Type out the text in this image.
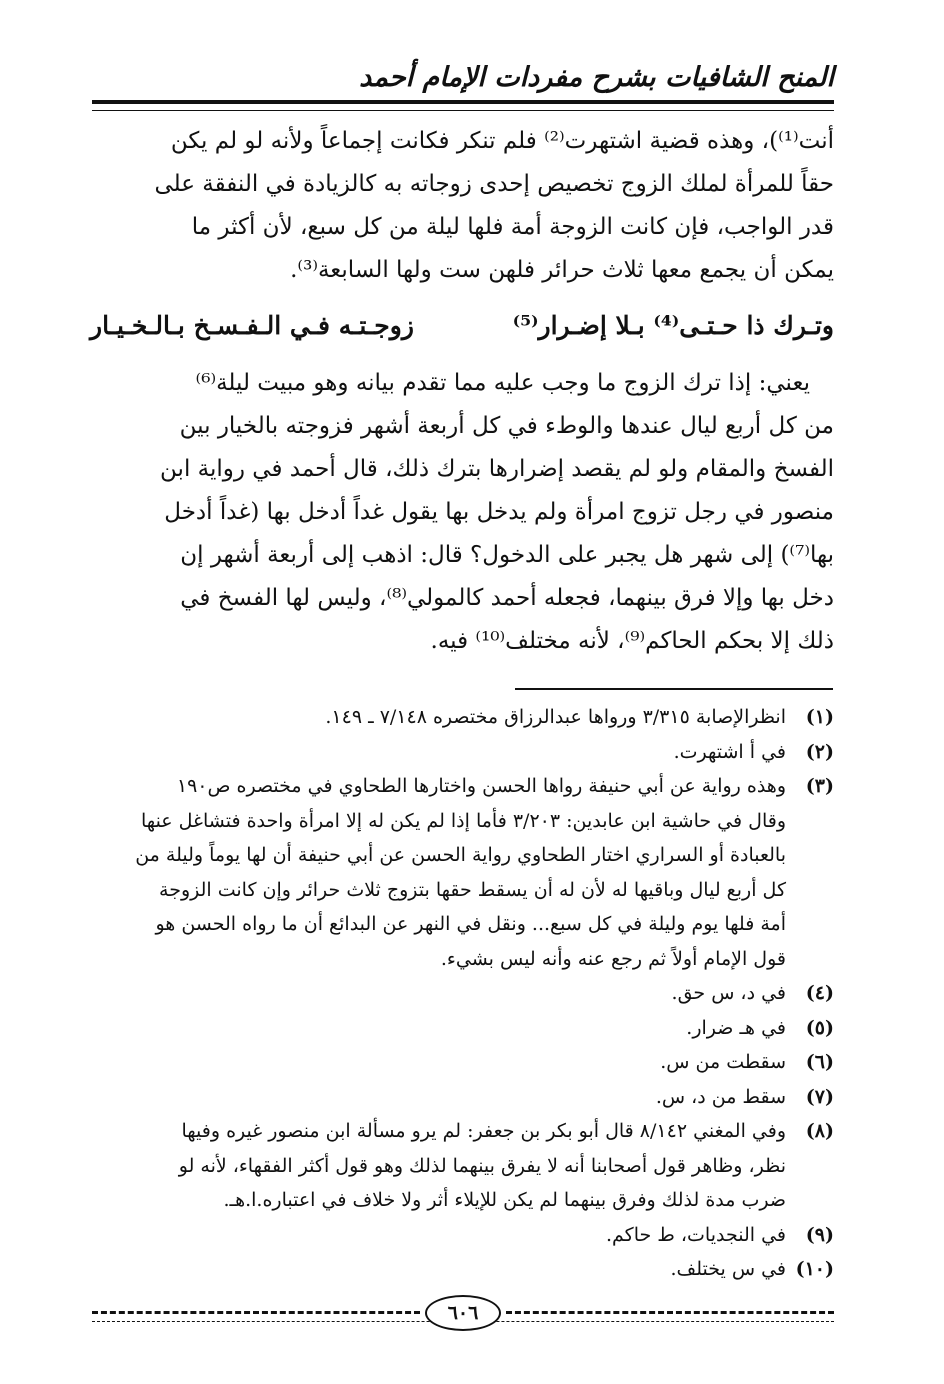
المنح الشافيات بشرح مفردات الإمام أحمد

أنت⁽¹⁾)، وهذه قضية اشتهرت⁽²⁾ فلم تنكر فكانت إجماعاً ولأنه لو لم يكن
حقاً للمرأة لملك الزوج تخصيص إحدى زوجاته به كالزيادة في النفقة على
قدر الواجب، فإن كانت الزوجة أمة فلها ليلة من كل سبع، لأن أكثر ما
يمكن أن يجمع معها ثلاث حرائر فلهن ست ولها السابعة⁽³⁾.

وتـرك ذا حـتـى⁽⁴⁾ بـلا إضـرار⁽⁵⁾
زوجـتـه فـي الـفـسـخ بـالـخـيـار

يعني: إذا ترك الزوج ما وجب عليه مما تقدم بيانه وهو مبيت ليلة⁽⁶⁾
من كل أربع ليال عندها والوطء في كل أربعة أشهر فزوجته بالخيار بين
الفسخ والمقام ولو لم يقصد إضرارها بترك ذلك، قال أحمد في رواية ابن
منصور في رجل تزوج امرأة ولم يدخل بها يقول غداً أدخل بها (غداً أدخل
بها⁽⁷⁾) إلى شهر هل يجبر على الدخول؟ قال: اذهب إلى أربعة أشهر إن
دخل بها وإلا فرق بينهما، فجعله أحمد كالمولي⁽⁸⁾، وليس لها الفسخ في
ذلك إلا بحكم الحاكم⁽⁹⁾، لأنه مختلف⁽¹⁰⁾ فيه.

(١)
انظرالإصابة ٣/٣١٥ ورواها عبدالرزاق مختصره ٧/١٤٨ ـ ١٤٩.
(٢)
في أ اشتهرت.
(٣)
وهذه رواية عن أبي حنيفة رواها الحسن واختارها الطحاوي في مختصره ص١٩٠
وقال في حاشية ابن عابدين: ٣/٢٠٣ فأما إذا لم يكن له إلا امرأة واحدة فتشاغل عنها
بالعبادة أو السراري اختار الطحاوي رواية الحسن عن أبي حنيفة أن لها يوماً وليلة من
كل أربع ليال وباقيها له لأن له أن يسقط حقها بتزوج ثلاث حرائر وإن كانت الزوجة
أمة فلها يوم وليلة في كل سبع... ونقل في النهر عن البدائع أن ما رواه الحسن هو
قول الإمام أولاً ثم رجع عنه وأنه ليس بشيء.
(٤)
في د، س حق.
(٥)
في هـ ضرار.
(٦)
سقطت من س.
(٧)
سقط من د، س.
(٨)
وفي المغني ٨/١٤٢ قال أبو بكر بن جعفر: لم يرو مسألة ابن منصور غيره وفيها
نظر، وظاهر قول أصحابنا أنه لا يفرق بينهما لذلك وهو قول أكثر الفقهاء، لأنه لو
ضرب مدة لذلك وفرق بينهما لم يكن للإيلاء أثر ولا خلاف في اعتباره.ا.هـ.
(٩)
في النجديات، ط حاكم.
(١٠)
في س يختلف.
٦٠٦
